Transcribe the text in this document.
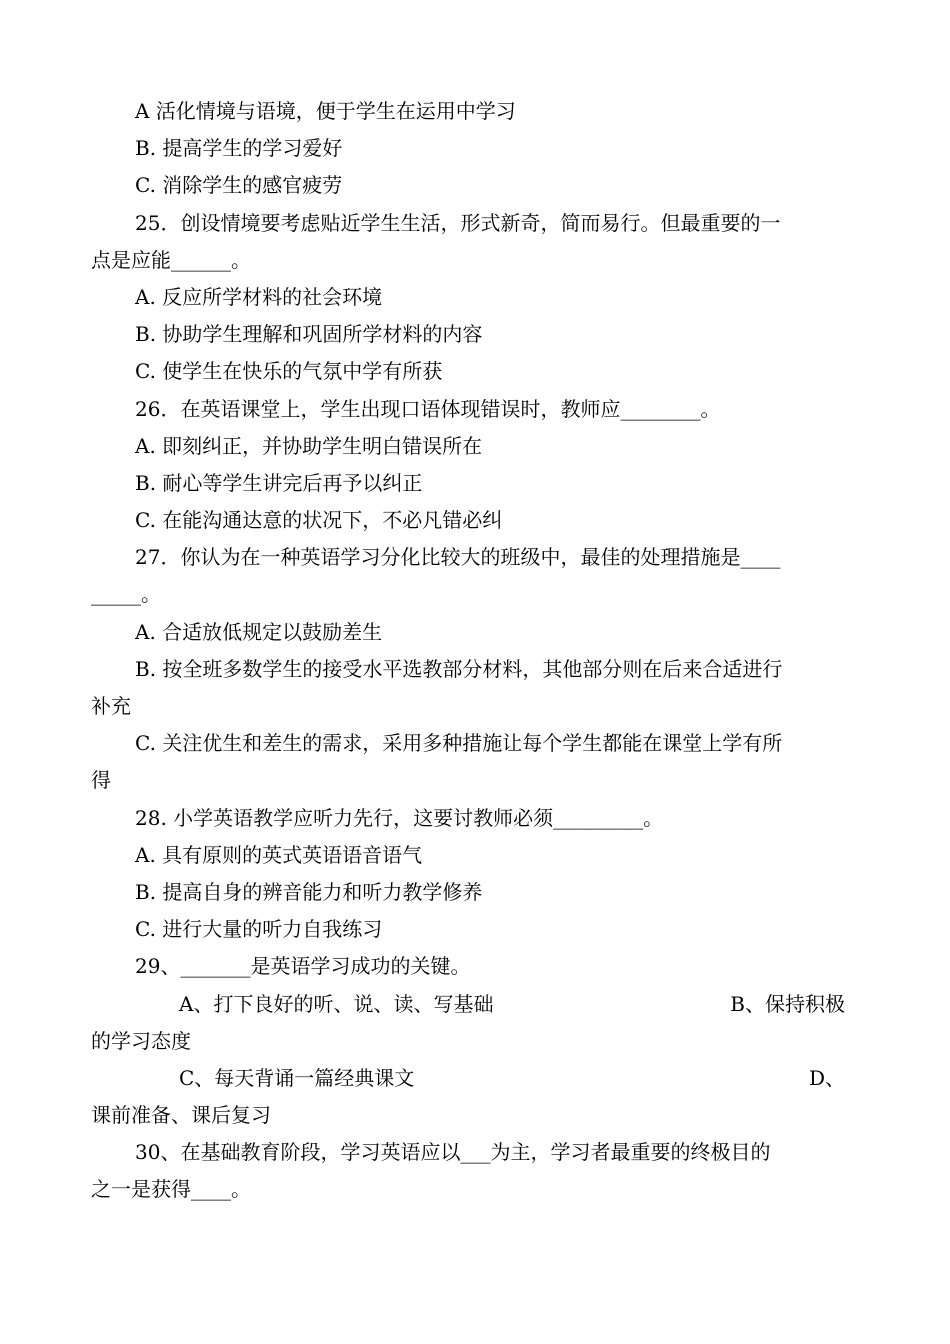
A 活化情境与语境，便于学生在运用中学习
B. 提高学生的学习爱好
C. 消除学生的感官疲劳
25．创设情境要考虑贴近学生生活，形式新奇，简而易行。但最重要的一
点是应能______。
A. 反应所学材料的社会环境
B. 协助学生理解和巩固所学材料的内容
C. 使学生在快乐的气氛中学有所获
26．在英语课堂上，学生出现口语体现错误时，教师应________。
A. 即刻纠正，并协助学生明白错误所在
B. 耐心等学生讲完后再予以纠正
C. 在能沟通达意的状况下，不必凡错必纠
27．你认为在一种英语学习分化比较大的班级中，最佳的处理措施是____
_____。
A. 合适放低规定以鼓励差生
B. 按全班多数学生的接受水平选教部分材料，其他部分则在后来合适进行
补充
C. 关注优生和差生的需求，采用多种措施让每个学生都能在课堂上学有所
得
28. 小学英语教学应听力先行，这要讨教师必须_________。
A. 具有原则的英式英语语音语气
B. 提高自身的辨音能力和听力教学修养
C. 进行大量的听力自我练习
29、_______是英语学习成功的关键。
A、打下良好的听、说、读、写基础	B、保持积极
的学习态度
C、每天背诵一篇经典课文	D、
课前准备、课后复习
30、在基础教育阶段，学习英语应以___为主，学习者最重要的终极目的
之一是获得____。
